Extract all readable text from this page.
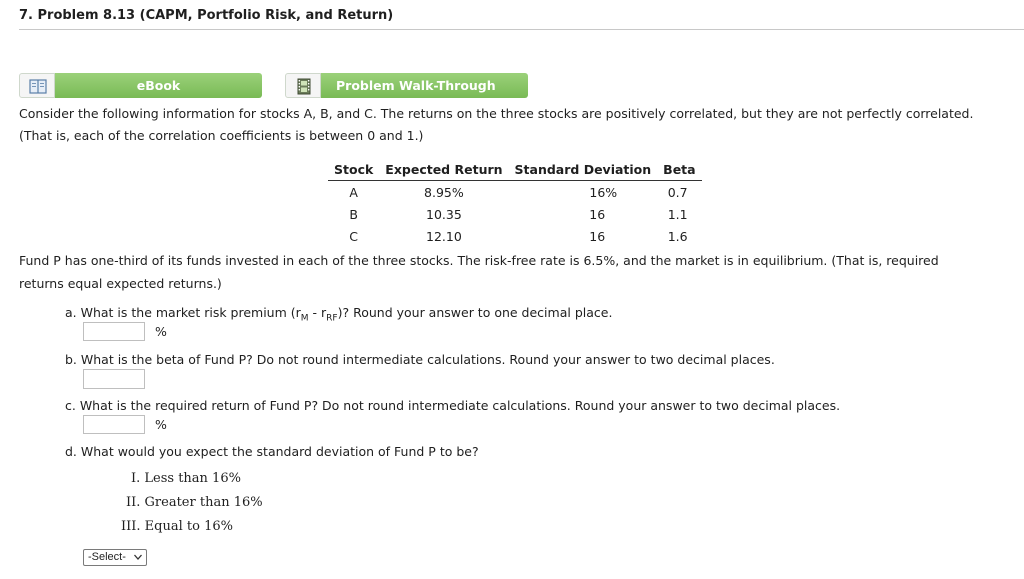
7. Problem 8.13 (CAPM, Portfolio Risk, and Return)
eBook	Problem Walk-Through
Consider the following information for stocks A, B, and C. The returns on the three stocks are positively correlated, but they are not perfectly correlated.
(That is, each of the correlation coefficients is between 0 and 1.)
Stock	Expected Return	Standard Deviation	Beta
A	8.95%	16%	0.7
B	10.35	16	1.1
C	12.10	16	1.6
Fund P has one-third of its funds invested in each of the three stocks. The risk-free rate is 6.5%, and the market is in equilibrium. (That is, required
returns equal expected returns.)
a. What is the market risk premium $(r_M - r_{RF})$? Round your answer to one decimal place.
%
b. What is the beta of Fund P? Do not round intermediate calculations. Round your answer to two decimal places.
c. What is the required return of Fund P? Do not round intermediate calculations. Round your answer to two decimal places.
%
d. What would you expect the standard deviation of Fund P to be?
I. Less than 16%
II. Greater than 16%
III. Equal to 16%
-Select-
